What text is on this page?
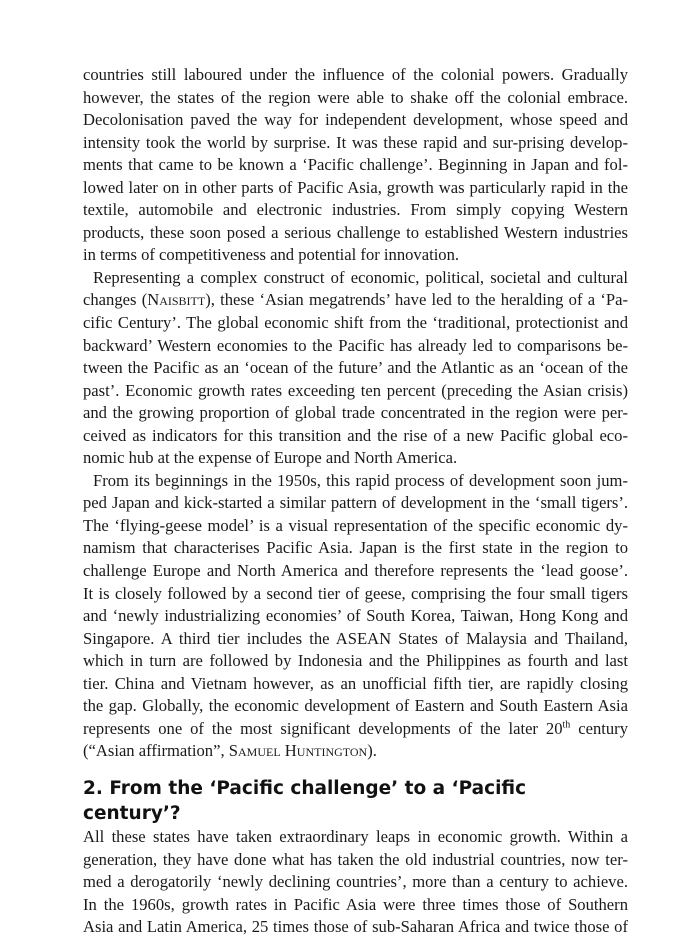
countries still laboured under the influence of the colonial powers. Gradually
however, the states of the region were able to shake off the colonial embrace.
Decolonisation paved the way for independent development, whose speed and
intensity took the world by surprise. It was these rapid and sur-prising develop-
ments that came to be known a ‘Pacific challenge’. Beginning in Japan and fol-
lowed later on in other parts of Pacific Asia, growth was particularly rapid in the
textile, automobile and electronic industries. From simply copying Western
products, these soon posed a serious challenge to established Western industries
in terms of competitiveness and potential for innovation.
Representing a complex construct of economic, political, societal and cultural
changes (Naisbitt), these ‘Asian megatrends’ have led to the heralding of a ‘Pa-
cific Century’. The global economic shift from the ‘traditional, protectionist and
backward’ Western economies to the Pacific has already led to comparisons be-
tween the Pacific as an ‘ocean of the future’ and the Atlantic as an ‘ocean of the
past’. Economic growth rates exceeding ten percent (preceding the Asian crisis)
and the growing proportion of global trade concentrated in the region were per-
ceived as indicators for this transition and the rise of a new Pacific global eco-
nomic hub at the expense of Europe and North America.
From its beginnings in the 1950s, this rapid process of development soon jum-
ped Japan and kick-started a similar pattern of development in the ‘small tigers’.
The ‘flying-geese model’ is a visual representation of the specific economic dy-
namism that characterises Pacific Asia. Japan is the first state in the region to
challenge Europe and North America and therefore represents the ‘lead goose’.
It is closely followed by a second tier of geese, comprising the four small tigers
and ‘newly industrializing economies’ of South Korea, Taiwan, Hong Kong and
Singapore. A third tier includes the ASEAN States of Malaysia and Thailand,
which in turn are followed by Indonesia and the Philippines as fourth and last
tier. China and Vietnam however, as an unofficial fifth tier, are rapidly closing
the gap. Globally, the economic development of Eastern and South Eastern Asia
represents one of the most significant developments of the later 20th century
(“Asian affirmation”, Samuel Huntington).
2. From the ‘Pacific challenge’ to a ‘Pacific century’?
All these states have taken extraordinary leaps in economic growth. Within a
generation, they have done what has taken the old industrial countries, now ter-
med a derogatorily ‘newly declining countries’, more than a century to achieve.
In the 1960s, growth rates in Pacific Asia were three times those of Southern
Asia and Latin America, 25 times those of sub-Saharan Africa and twice those of
